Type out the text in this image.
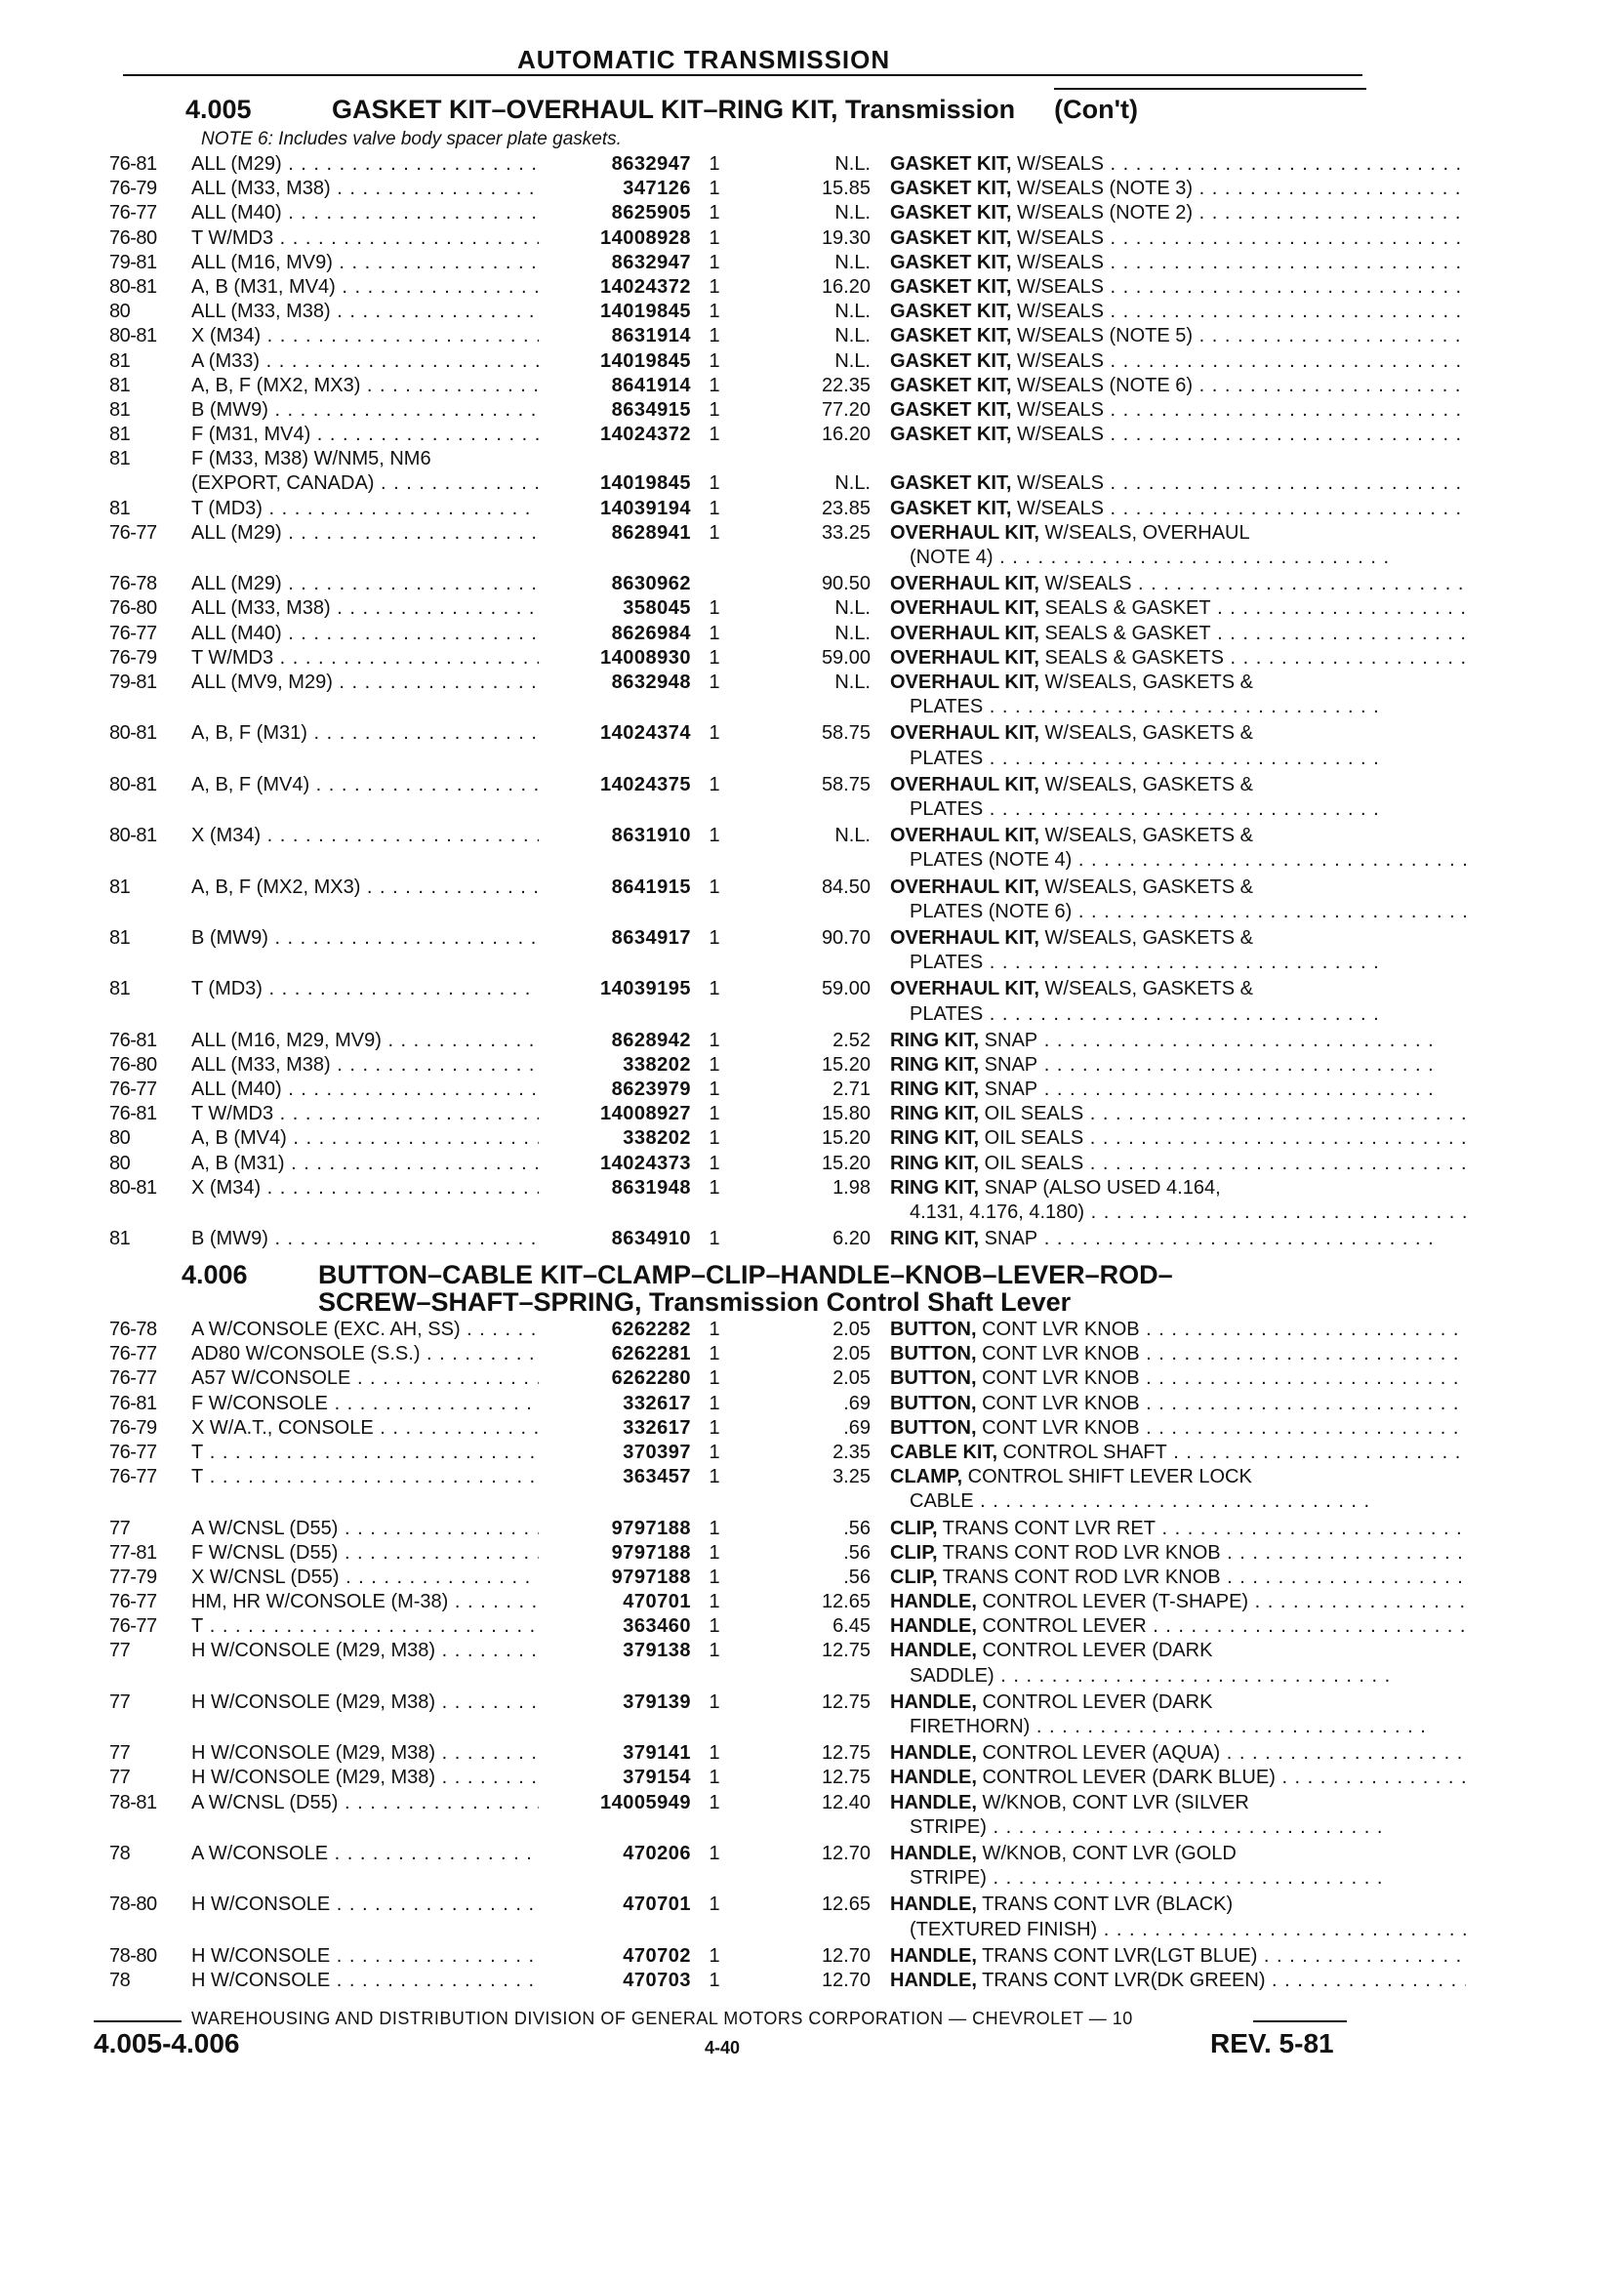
AUTOMATIC TRANSMISSION
4.005	GASKET KIT–OVERHAUL KIT–RING KIT, Transmission (Con't)
NOTE 6: Includes valve body spacer plate gaskets.
76-81	ALL (M29) . . .	8632947 1	N.L. GASKET KIT, W/SEALS . . .
76-79	ALL (M33, M38) . . .	347126 1	15.85 GASKET KIT, W/SEALS (NOTE 3) . . .
76-77	ALL (M40) . . .	8625905 1	N.L. GASKET KIT, W/SEALS (NOTE 2) . . .
76-80	T W/MD3 . . .	14008928 1	19.30 GASKET KIT, W/SEALS . . .
79-81	ALL (M16, MV9) . . .	8632947 1	N.L. GASKET KIT, W/SEALS . . .
80-81	A, B (M31, MV4) . . .	14024372 1	16.20 GASKET KIT, W/SEALS . . .
80	ALL (M33, M38) . . .	14019845 1	N.L. GASKET KIT, W/SEALS . . .
80-81	X (M34) . . .	8631914 1	N.L. GASKET KIT, W/SEALS (NOTE 5) . . .
81	A (M33) . . .	14019845 1	N.L. GASKET KIT, W/SEALS . . .
81	A, B, F (MX2, MX3) . . .	8641914 1	22.35 GASKET KIT, W/SEALS (NOTE 6) . . .
81	B (MW9) . . .	8634915 1	77.20 GASKET KIT, W/SEALS . . .
81	F (M31, MV4) . . .	14024372 1	16.20 GASKET KIT, W/SEALS . . .
81	F (M33, M38) W/NM5, NM6
(EXPORT, CANADA) . . .	14019845 1	N.L. GASKET KIT, W/SEALS . . .
81	T (MD3) . . .	14039194 1	23.85 GASKET KIT, W/SEALS . . .
76-77	ALL (M29) . . .	8628941 1	33.25 OVERHAUL KIT, W/SEALS, OVERHAUL
(NOTE 4) . . .
76-78	ALL (M29) . . .	8630962	90.50 OVERHAUL KIT, W/SEALS . . .
76-80	ALL (M33, M38) . . .	358045 1	N.L. OVERHAUL KIT, SEALS & GASKET . . .
76-77	ALL (M40) . . .	8626984 1	N.L. OVERHAUL KIT, SEALS & GASKET . . .
76-79	T W/MD3 . . .	14008930 1	59.00 OVERHAUL KIT, SEALS & GASKETS . . .
79-81	ALL (MV9, M29) . . .	8632948 1	N.L. OVERHAUL KIT, W/SEALS, GASKETS &
PLATES . . .
80-81	A, B, F (M31) . . .	14024374 1	58.75 OVERHAUL KIT, W/SEALS, GASKETS &
PLATES . . .
80-81	A, B, F (MV4) . . .	14024375 1	58.75 OVERHAUL KIT, W/SEALS, GASKETS &
PLATES . . .
80-81	X (M34) . . .	8631910 1	N.L. OVERHAUL KIT, W/SEALS, GASKETS &
PLATES (NOTE 4) . . .
81	A, B, F (MX2, MX3) . . .	8641915 1	84.50 OVERHAUL KIT, W/SEALS, GASKETS &
PLATES (NOTE 6) . . .
81	B (MW9) . . .	8634917 1	90.70 OVERHAUL KIT, W/SEALS, GASKETS &
PLATES . . .
81	T (MD3) . . .	14039195 1	59.00 OVERHAUL KIT, W/SEALS, GASKETS &
PLATES . . .
76-81	ALL (M16, M29, MV9) . . .	8628942 1	2.52 RING KIT, SNAP . . .
76-80	ALL (M33, M38) . . .	338202 1	15.20 RING KIT, SNAP . . .
76-77	ALL (M40) . . .	8623979 1	2.71 RING KIT, SNAP . . .
76-81	T W/MD3 . . .	14008927 1	15.80 RING KIT, OIL SEALS . . .
80	A, B (MV4) . . .	338202 1	15.20 RING KIT, OIL SEALS . . .
80	A, B (M31) . . .	14024373 1	15.20 RING KIT, OIL SEALS . . .
80-81	X (M34) . . .	8631948 1	1.98 RING KIT, SNAP (ALSO USED 4.164,
4.131, 4.176, 4.180) . . .
81	B (MW9) . . .	8634910 1	6.20 RING KIT, SNAP . . .
4.006	BUTTON–CABLE KIT–CLAMP–CLIP–HANDLE–KNOB–LEVER–ROD–
SCREW–SHAFT–SPRING, Transmission Control Shaft Lever
76-78	A W/CONSOLE (EXC. AH, SS) . . .	6262282 1	2.05 BUTTON, CONT LVR KNOB . . .
76-77	AD80 W/CONSOLE (S.S.) . . .	6262281 1	2.05 BUTTON, CONT LVR KNOB . . .
76-77	A57 W/CONSOLE . . .	6262280 1	2.05 BUTTON, CONT LVR KNOB . . .
76-81	F W/CONSOLE . . .	332617 1	.69 BUTTON, CONT LVR KNOB . . .
76-79	X W/A.T., CONSOLE . . .	332617 1	.69 BUTTON, CONT LVR KNOB . . .
76-77	T . . .	370397 1	2.35 CABLE KIT, CONTROL SHAFT . . .
76-77	T . . .	363457 1	3.25 CLAMP, CONTROL SHIFT LEVER LOCK
CABLE . . .
77	A W/CNSL (D55) . . .	9797188 1	.56 CLIP, TRANS CONT LVR RET . . .
77-81	F W/CNSL (D55) . . .	9797188 1	.56 CLIP, TRANS CONT ROD LVR KNOB . . .
77-79	X W/CNSL (D55) . . .	9797188 1	.56 CLIP, TRANS CONT ROD LVR KNOB . . .
76-77	HM, HR W/CONSOLE (M-38) . . .	470701 1	12.65 HANDLE, CONTROL LEVER (T-SHAPE) . . .
76-77	T . . .	363460 1	6.45 HANDLE, CONTROL LEVER . . .
77	H W/CONSOLE (M29, M38) . . .	379138 1	12.75 HANDLE, CONTROL LEVER (DARK
SADDLE) . . .
77	H W/CONSOLE (M29, M38) . . .	379139 1	12.75 HANDLE, CONTROL LEVER (DARK
FIRETHORN) . . .
77	H W/CONSOLE (M29, M38) . . .	379141 1	12.75 HANDLE, CONTROL LEVER (AQUA) . . .
77	H W/CONSOLE (M29, M38) . . .	379154 1	12.75 HANDLE, CONTROL LEVER (DARK BLUE) . . .
78-81	A W/CNSL (D55) . . .	14005949 1	12.40 HANDLE, W/KNOB, CONT LVR (SILVER
STRIPE) . . .
78	A W/CONSOLE . . .	470206 1	12.70 HANDLE, W/KNOB, CONT LVR (GOLD
STRIPE) . . .
78-80	H W/CONSOLE . . .	470701 1	12.65 HANDLE, TRANS CONT LVR (BLACK)
(TEXTURED FINISH) . . .
78-80	H W/CONSOLE . . .	470702 1	12.70 HANDLE, TRANS CONT LVR(LGT BLUE) . . .
78	H W/CONSOLE . . .	470703 1	12.70 HANDLE, TRANS CONT LVR(DK GREEN) . . .
WAREHOUSING AND DISTRIBUTION DIVISION OF GENERAL MOTORS CORPORATION — CHEVROLET — 10
4.005-4.006	4-40	REV. 5-81
